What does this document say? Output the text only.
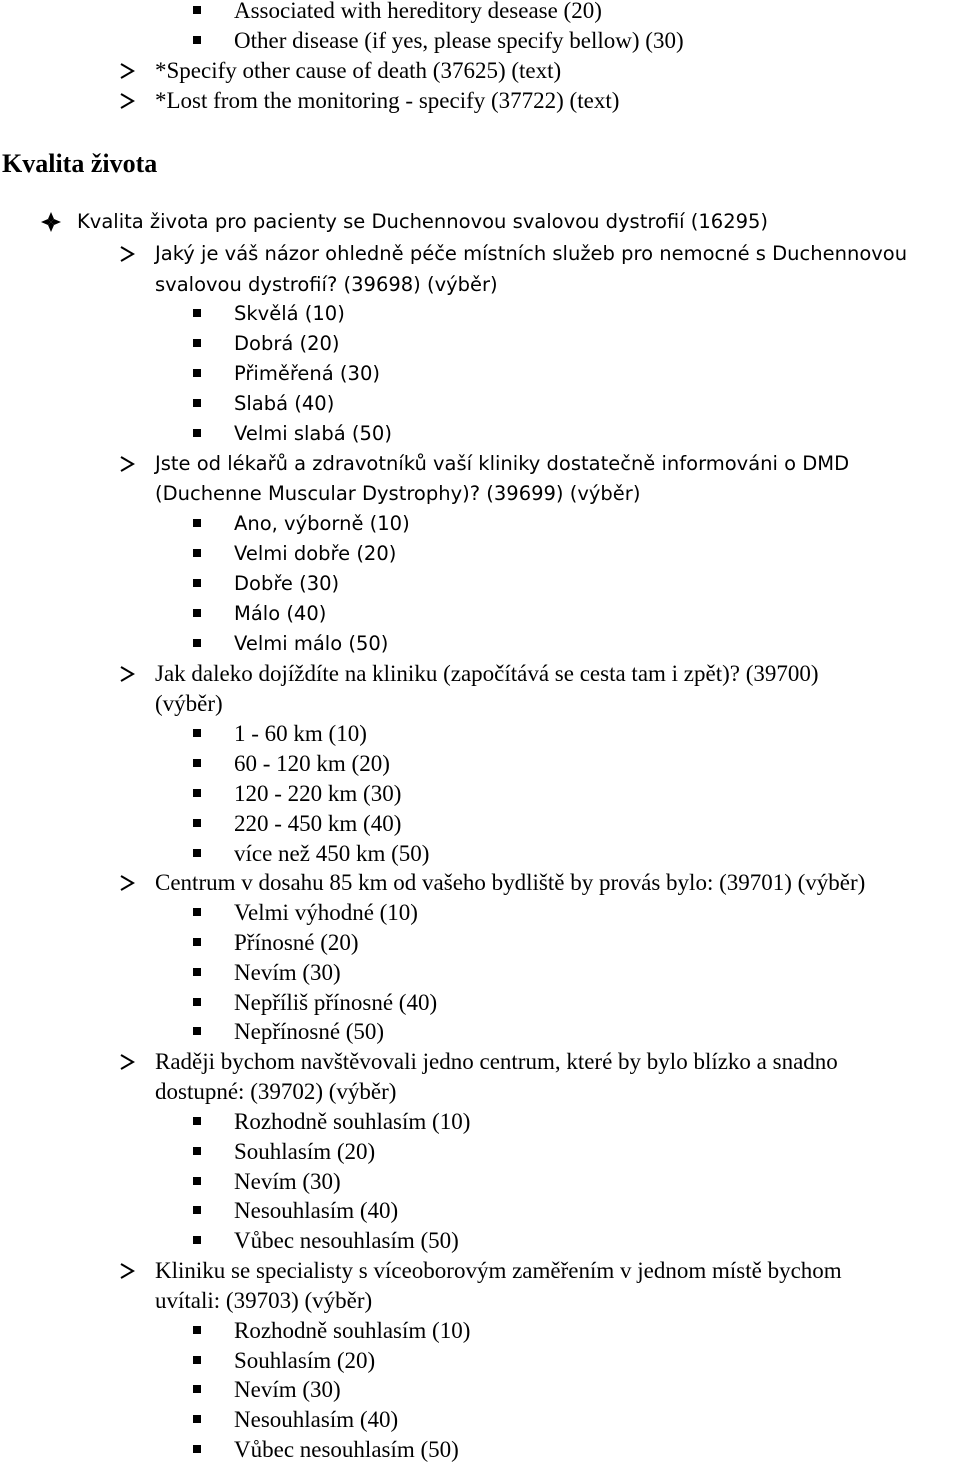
Associated with hereditory desease (20)
Other disease (if yes, please specify bellow) (30)
*Specify other cause of death (37625) (text)
*Lost from the monitoring - specify (37722) (text)
Kvalita života
Kvalita života pro pacienty se Duchennovou svalovou dystrofií (16295)
Jaký je váš názor ohledně péče místních služeb pro nemocné s Duchennovou
svalovou dystrofií? (39698) (výběr)
Skvělá (10)
Dobrá (20)
Přiměřená (30)
Slabá (40)
Velmi slabá (50)
Jste od lékařů a zdravotníků vaší kliniky dostatečně informováni o DMD
(Duchenne Muscular Dystrophy)? (39699) (výběr)
Ano, výborně (10)
Velmi dobře (20)
Dobře (30)
Málo (40)
Velmi málo (50)
Jak daleko dojíždíte na kliniku (započítává se cesta tam i zpět)? (39700)
(výběr)
1 - 60 km (10)
60 - 120 km (20)
120 - 220 km (30)
220 - 450 km (40)
více než 450 km (50)
Centrum v dosahu 85 km od vašeho bydliště by provás bylo: (39701) (výběr)
Velmi výhodné (10)
Přínosné (20)
Nevím (30)
Nepříliš přínosné (40)
Nepřínosné (50)
Raději bychom navštěvovali jedno centrum, které by bylo blízko a snadno
dostupné: (39702) (výběr)
Rozhodně souhlasím (10)
Souhlasím (20)
Nevím (30)
Nesouhlasím (40)
Vůbec nesouhlasím (50)
Kliniku se specialisty s víceoborovým zaměřením v jednom místě bychom
uvítali: (39703) (výběr)
Rozhodně souhlasím (10)
Souhlasím (20)
Nevím (30)
Nesouhlasím (40)
Vůbec nesouhlasím (50)
